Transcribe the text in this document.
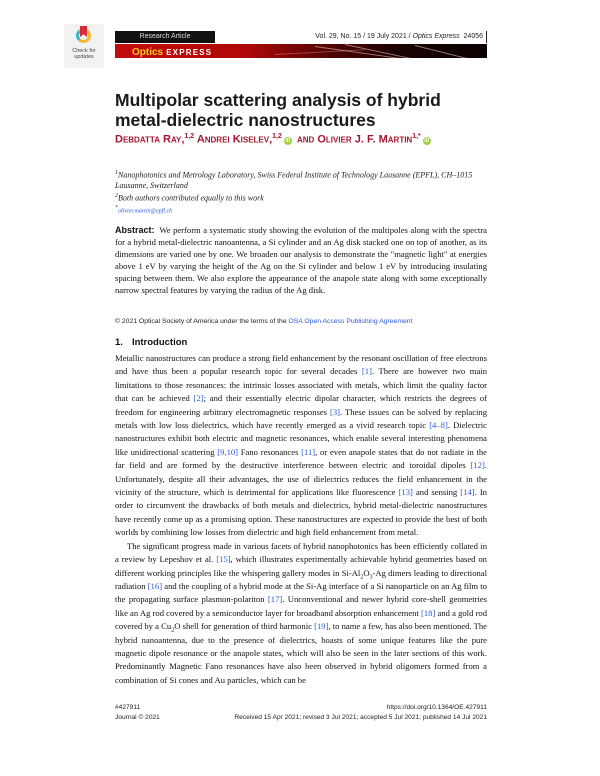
Check for updates
Research Article	Vol. 29, No. 15 / 19 July 2021 / Optics Express 24056
Optics EXPRESS
Multipolar scattering analysis of hybrid metal-dielectric nanostructures
Debdatta Ray,$^{1,2}$ Andrei Kiselev,$^{1,2}$iD and Olivier J. F. Martin$^{1,*}$iD
$^1$Nanophotonics and Metrology Laboratory, Swiss Federal Institute of Technology Lausanne (EPFL), CH–1015 Lausanne, Switzerland
$^2$Both authors contributed equally to this work
*olivier.martin@epfl.ch
Abstract: We perform a systematic study showing the evolution of the multipoles along with the spectra for a hybrid metal-dielectric nanoantenna, a Si cylinder and an Ag disk stacked one on top of another, as its dimensions are varied one by one. We broaden our analysis to demonstrate the "magnetic light" at energies above 1 eV by varying the height of the Ag on the Si cylinder and below 1 eV by introducing insulating spacing between them. We also explore the appearance of the anapole state along with some exceptionally narrow spectral features by varying the radius of the Ag disk.
© 2021 Optical Society of America under the terms of the OSA Open Access Publishing Agreement
1. Introduction

Metallic nanostructures can produce a strong field enhancement by the resonant oscillation of free electrons and have thus been a popular research topic for several decades [1]. There are however two main limitations to those resonances: the intrinsic losses associated with metals, which limit the quality factor that can be achieved [2]; and their essentially electric dipolar character, which restricts the degrees of freedom for engineering arbitrary electromagnetic responses [3]. These issues can be solved by replacing metals with low loss dielectrics, which have recently emerged as a vivid research topic [4–8]. Dielectric nanostructures exhibit both electric and magnetic resonances, which enable several interesting phenomena like unidirectional scattering [9,10] Fano resonances [11], or even anapole states that do not radiate in the far field and are formed by the destructive interference between electric and toroidal dipoles [12]. Unfortunately, despite all their advantages, the use of dielectrics reduces the field enhancement in the vicinity of the structure, which is detrimental for applications like fluorescence [13] and sensing [14]. In order to circumvent the drawbacks of both metals and dielectrics, hybrid metal-dielectric nanostructures have recently come up as a promising option. These nanostructures are expected to provide the best of both worlds by combining low losses from dielectric and high field enhancement from metal.

The significant progress made in various facets of hybrid nanophotonics has been efficiently collated in a review by Lepeshov et al. [15], which illustrates experimentally achievable hybrid geometries based on different working principles like the whispering gallery modes in $Si-Al_2O_3-Ag$ dimers leading to directional radiation [16] and the coupling of a hybrid mode at the Si-Ag interface of a Si nanoparticle on an Ag film to the propagating surface plasmon-polariton [17]. Unconventional and newer hybrid core-shell geometries like an Ag rod covered by a semiconductor layer for broadband absorption enhancement [18] and a gold rod covered by a $Cu_2O$ shell for generation of third harmonic [19], to name a few, has also been mentioned. The hybrid nanoantenna, due to the presence of dielectrics, boasts of some unique features like the pure magnetic dipole resonance or the anapole states, which will also be seen in the later sections of this work. Predominantly Magnetic Fano resonances have also been observed in hybrid oligomers formed from a combination of Si cones and Au particles, which can be

#427911
Journal © 2021
https://doi.org/10.1364/OE.427911
Received 15 Apr 2021; revised 3 Jul 2021; accepted 5 Jul 2021; published 14 Jul 2021
